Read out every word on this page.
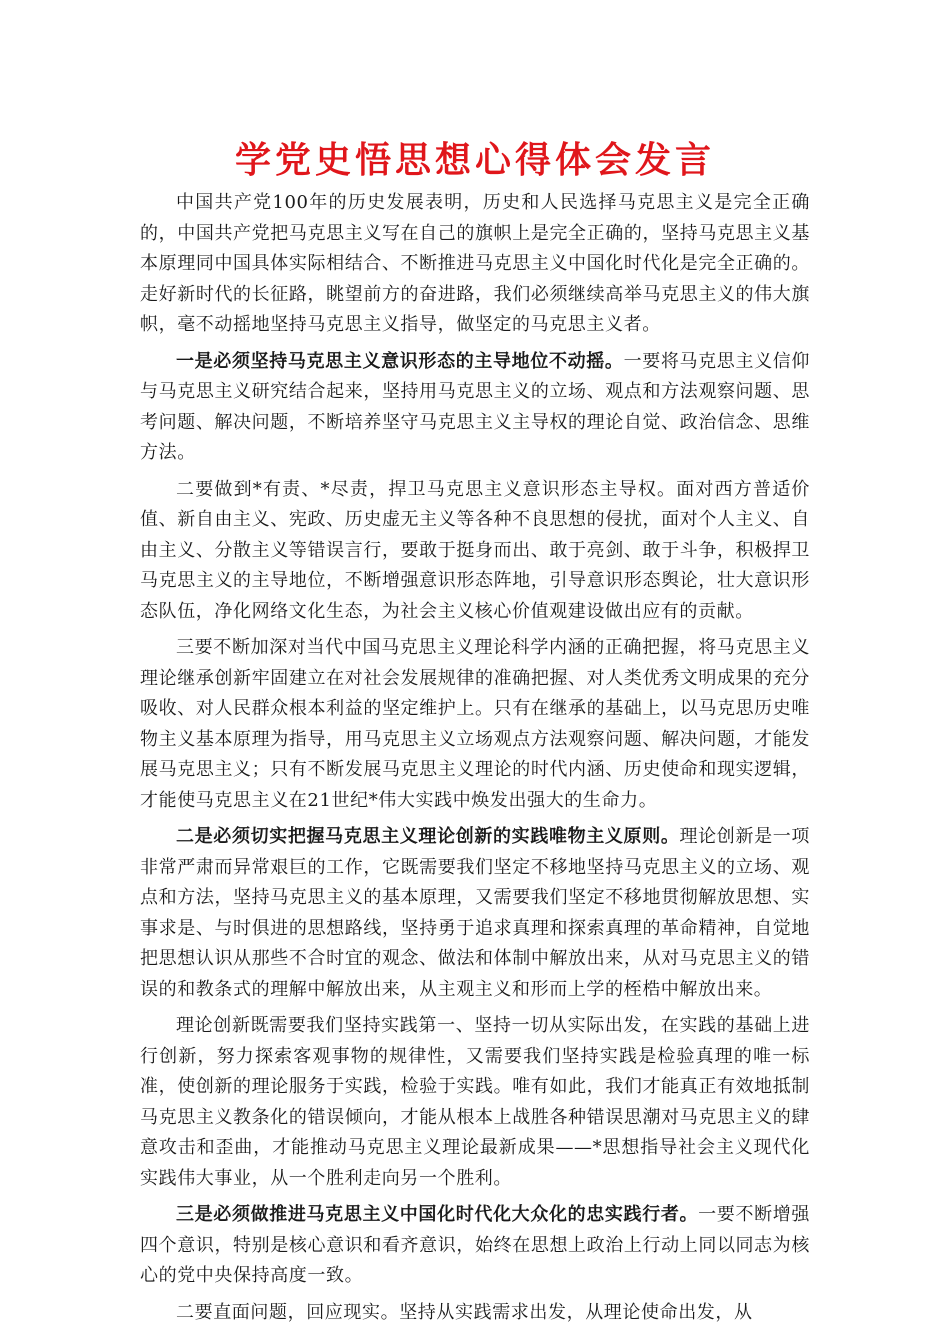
学党史悟思想心得体会发言

中国共产党100年的历史发展表明，历史和人民选择马克思主义是完全正确的，中国共产党把马克思主义写在自己的旗帜上是完全正确的，坚持马克思主义基本原理同中国具体实际相结合、不断推进马克思主义中国化时代化是完全正确的。走好新时代的长征路，眺望前方的奋进路，我们必须继续高举马克思主义的伟大旗帜，毫不动摇地坚持马克思主义指导，做坚定的马克思主义者。

一是必须坚持马克思主义意识形态的主导地位不动摇。一要将马克思主义信仰与马克思主义研究结合起来，坚持用马克思主义的立场、观点和方法观察问题、思考问题、解决问题，不断培养坚守马克思主义主导权的理论自觉、政治信念、思维方法。

二要做到*有责、*尽责，捍卫马克思主义意识形态主导权。面对西方普适价值、新自由主义、宪政、历史虚无主义等各种不良思想的侵扰，面对个人主义、自由主义、分散主义等错误言行，要敢于挺身而出、敢于亮剑、敢于斗争，积极捍卫马克思主义的主导地位，不断增强意识形态阵地，引导意识形态舆论，壮大意识形态队伍，净化网络文化生态，为社会主义核心价值观建设做出应有的贡献。

三要不断加深对当代中国马克思主义理论科学内涵的正确把握，将马克思主义理论继承创新牢固建立在对社会发展规律的准确把握、对人类优秀文明成果的充分吸收、对人民群众根本利益的坚定维护上。只有在继承的基础上，以马克思历史唯物主义基本原理为指导，用马克思主义立场观点方法观察问题、解决问题，才能发展马克思主义；只有不断发展马克思主义理论的时代内涵、历史使命和现实逻辑，才能使马克思主义在21世纪*伟大实践中焕发出强大的生命力。

二是必须切实把握马克思主义理论创新的实践唯物主义原则。理论创新是一项非常严肃而异常艰巨的工作，它既需要我们坚定不移地坚持马克思主义的立场、观点和方法，坚持马克思主义的基本原理，又需要我们坚定不移地贯彻解放思想、实事求是、与时俱进的思想路线，坚持勇于追求真理和探索真理的革命精神，自觉地把思想认识从那些不合时宜的观念、做法和体制中解放出来，从对马克思主义的错误的和教条式的理解中解放出来，从主观主义和形而上学的桎梏中解放出来。

理论创新既需要我们坚持实践第一、坚持一切从实际出发，在实践的基础上进行创新，努力探索客观事物的规律性，又需要我们坚持实践是检验真理的唯一标准，使创新的理论服务于实践，检验于实践。唯有如此，我们才能真正有效地抵制马克思主义教条化的错误倾向，才能从根本上战胜各种错误思潮对马克思主义的肆意攻击和歪曲，才能推动马克思主义理论最新成果——*思想指导社会主义现代化实践伟大事业，从一个胜利走向另一个胜利。

三是必须做推进马克思主义中国化时代化大众化的忠实践行者。一要不断增强四个意识，特别是核心意识和看齐意识，始终在思想上政治上行动上同以同志为核心的党中央保持高度一致。

二要直面问题，回应现实。坚持从实践需求出发，从理论使命出发，从
